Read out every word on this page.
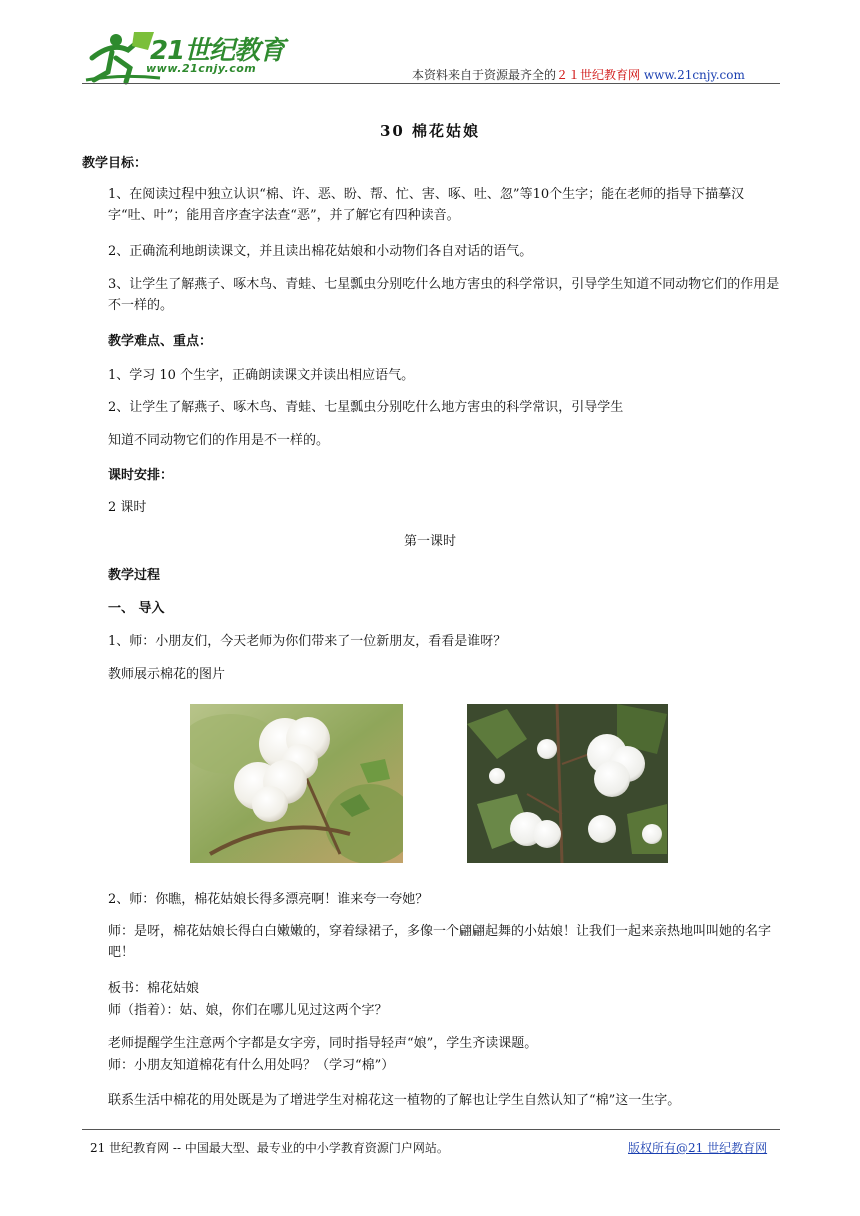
21世纪教育
www.21cnjy.com	本资料来自于资源最齐全的２１世纪教育网 www.21cnjy.com
30 棉花姑娘
教学目标：
1、在阅读过程中独立认识“棉、许、恶、盼、帮、忙、害、啄、吐、忽”等10个生字；能在老师的指导下描摹汉字“吐、叶”；能用音序查字法查“恶”，并了解它有四种读音。
2、正确流利地朗读课文，并且读出棉花姑娘和小动物们各自对话的语气。
3、让学生了解燕子、啄木鸟、青蛙、七星瓢虫分别吃什么地方害虫的科学常识，引导学生知道不同动物它们的作用是不一样的。
教学难点、重点：
1、学习 10 个生字，正确朗读课文并读出相应语气。
2、让学生了解燕子、啄木鸟、青蛙、七星瓢虫分别吃什么地方害虫的科学常识，引导学生
知道不同动物它们的作用是不一样的。
课时安排：
2 课时
第一课时
教学过程
一、 导入
1、师：小朋友们，今天老师为你们带来了一位新朋友，看看是谁呀？
教师展示棉花的图片
2、师：你瞧，棉花姑娘长得多漂亮啊！谁来夸一夸她？
师：是呀，棉花姑娘长得白白嫩嫩的，穿着绿裙子，多像一个翩翩起舞的小姑娘！让我们一起来亲热地叫叫她的名字吧！
板书：棉花姑娘
师（指着）：姑、娘，你们在哪儿见过这两个字？
老师提醒学生注意两个字都是女字旁，同时指导轻声“娘”，学生齐读课题。
师：小朋友知道棉花有什么用处吗？（学习“棉”）
联系生活中棉花的用处既是为了增进学生对棉花这一植物的了解也让学生自然认知了“棉”这一生字。
21 世纪教育网 -- 中国最大型、最专业的中小学教育资源门户网站。	版权所有@21 世纪教育网
